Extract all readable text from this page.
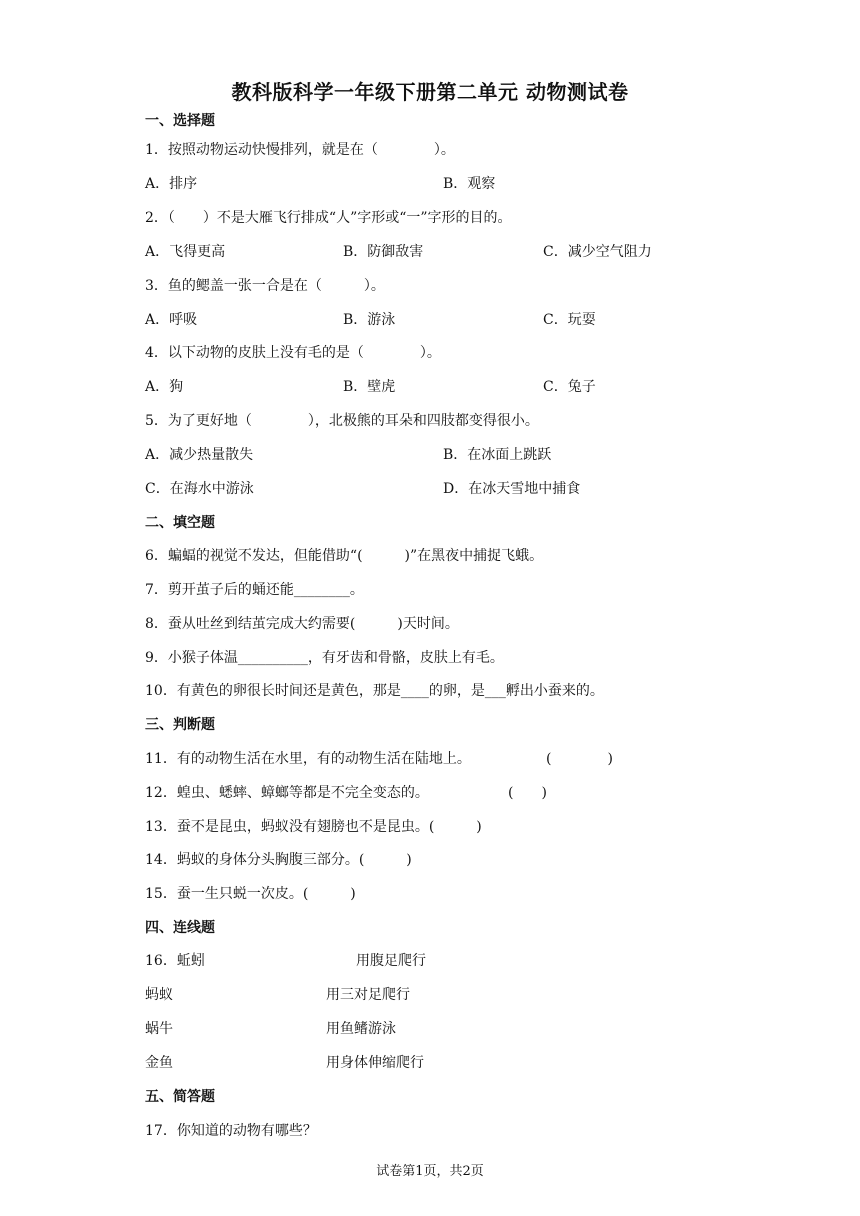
教科版科学一年级下册第二单元 动物测试卷
一、选择题
1．按照动物运动快慢排列，就是在（　　　　）。
A．排序	B．观察
2．（　　）不是大雁飞行排成“人”字形或“一”字形的目的。
A．飞得更高	B．防御敌害	C．减少空气阻力
3．鱼的鳃盖一张一合是在（　　　）。
A．呼吸	B．游泳	C．玩耍
4．以下动物的皮肤上没有毛的是（　　　　）。
A．狗	B．壁虎	C．兔子
5．为了更好地（　　　　），北极熊的耳朵和四肢都变得很小。
A．减少热量散失	B．在冰面上跳跃
C．在海水中游泳	D．在冰天雪地中捕食
二、填空题
6．蝙蝠的视觉不发达，但能借助“(　　　)”在黑夜中捕捉飞蛾。
7．剪开茧子后的蛹还能________。
8．蚕从吐丝到结茧完成大约需要(　　　)天时间。
9．小猴子体温__________，有牙齿和骨骼，皮肤上有毛。
10．有黄色的卵很长时间还是黄色，那是____的卵，是___孵出小蚕来的。
三、判断题
11．有的动物生活在水里，有的动物生活在陆地上。	(　　　　)
12．蝗虫、蟋蟀、蟑螂等都是不完全变态的。	(　　)
13．蚕不是昆虫，蚂蚁没有翅膀也不是昆虫。(　　　)
14．蚂蚁的身体分头胸腹三部分。(　　　)
15．蚕一生只蜕一次皮。(　　　)
四、连线题
16．蚯蚓	用腹足爬行
蚂蚁	用三对足爬行
蜗牛	用鱼鳍游泳
金鱼	用身体伸缩爬行
五、简答题
17．你知道的动物有哪些？
试卷第1页，共2页
